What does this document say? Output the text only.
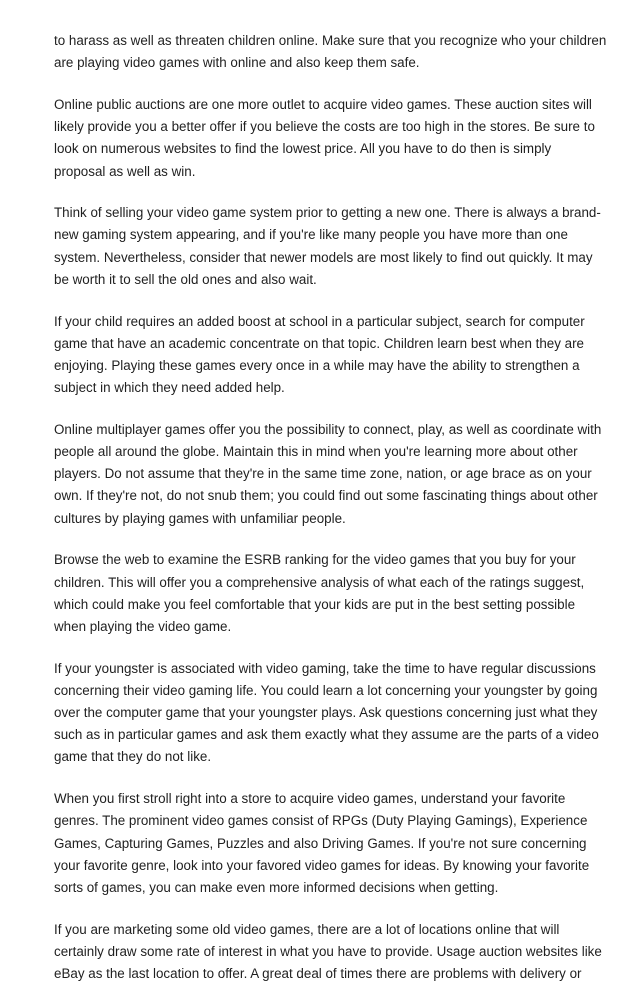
to harass as well as threaten children online. Make sure that you recognize who your children
are playing video games with online and also keep them safe.
Online public auctions are one more outlet to acquire video games. These auction sites will
likely provide you a better offer if you believe the costs are too high in the stores. Be sure to
look on numerous websites to find the lowest price. All you have to do then is simply
proposal as well as win.
Think of selling your video game system prior to getting a new one. There is always a brand-
new gaming system appearing, and if you're like many people you have more than one
system. Nevertheless, consider that newer models are most likely to find out quickly. It may
be worth it to sell the old ones and also wait.
If your child requires an added boost at school in a particular subject, search for computer
game that have an academic concentrate on that topic. Children learn best when they are
enjoying. Playing these games every once in a while may have the ability to strengthen a
subject in which they need added help.
Online multiplayer games offer you the possibility to connect, play, as well as coordinate with
people all around the globe. Maintain this in mind when you're learning more about other
players. Do not assume that they're in the same time zone, nation, or age brace as on your
own. If they're not, do not snub them; you could find out some fascinating things about other
cultures by playing games with unfamiliar people.
Browse the web to examine the ESRB ranking for the video games that you buy for your
children. This will offer you a comprehensive analysis of what each of the ratings suggest,
which could make you feel comfortable that your kids are put in the best setting possible
when playing the video game.
If your youngster is associated with video gaming, take the time to have regular discussions
concerning their video gaming life. You could learn a lot concerning your youngster by going
over the computer game that your youngster plays. Ask questions concerning just what they
such as in particular games and ask them exactly what they assume are the parts of a video
game that they do not like.
When you first stroll right into a store to acquire video games, understand your favorite
genres. The prominent video games consist of RPGs (Duty Playing Gamings), Experience
Games, Capturing Games, Puzzles and also Driving Games. If you're not sure concerning
your favorite genre, look into your favored video games for ideas. By knowing your favorite
sorts of games, you can make even more informed decisions when getting.
If you are marketing some old video games, there are a lot of locations online that will
certainly draw some rate of interest in what you have to provide. Usage auction websites like
eBay as the last location to offer. A great deal of times there are problems with delivery or
